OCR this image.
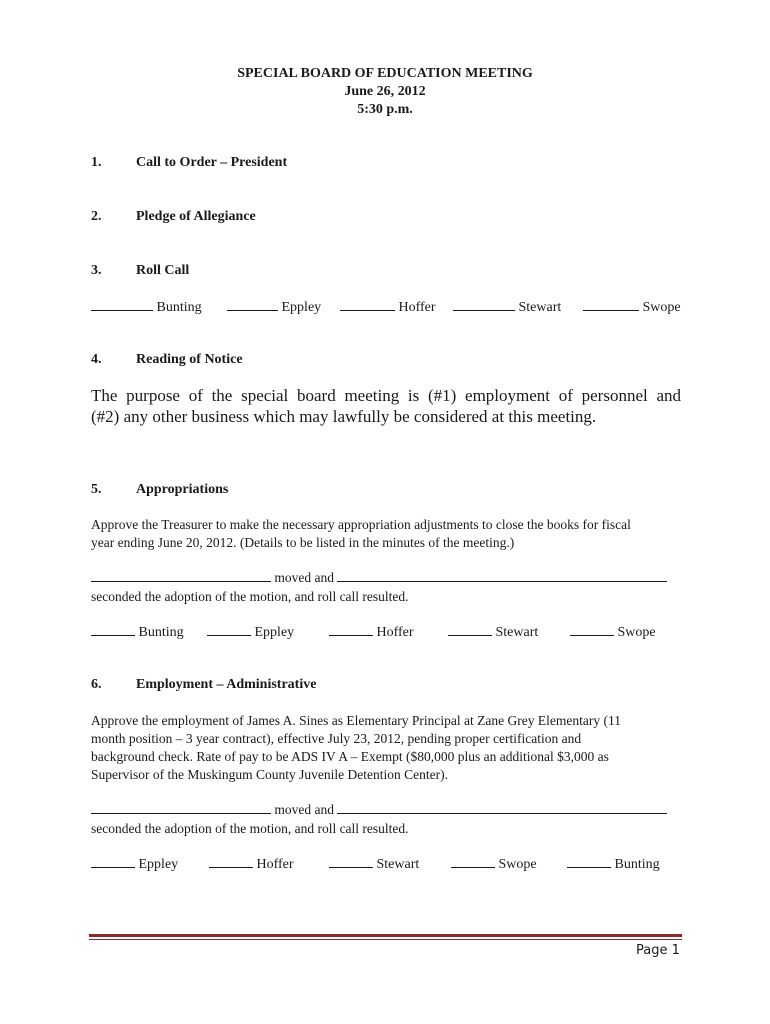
SPECIAL BOARD OF EDUCATION MEETING
June 26, 2012
5:30 p.m.
1. Call to Order – President
2. Pledge of Allegiance
3. Roll Call
Bunting	Eppley	Hoffer	Stewart	Swope
4. Reading of Notice
The purpose of the special board meeting is (#1) employment of personnel and
(#2) any other business which may lawfully be considered at this meeting.
5. Appropriations
Approve the Treasurer to make the necessary appropriation adjustments to close the books for fiscal
year ending June 20, 2012. (Details to be listed in the minutes of the meeting.)
moved and
seconded the adoption of the motion, and roll call resulted.
Bunting	Eppley	Hoffer	Stewart	Swope
6. Employment – Administrative
Approve the employment of James A. Sines as Elementary Principal at Zane Grey Elementary (11
month position – 3 year contract), effective July 23, 2012, pending proper certification and
background check. Rate of pay to be ADS IV A – Exempt ($80,000 plus an additional $3,000 as
Supervisor of the Muskingum County Juvenile Detention Center).
moved and
seconded the adoption of the motion, and roll call resulted.
Eppley	Hoffer	Stewart	Swope	Bunting
Page 1
